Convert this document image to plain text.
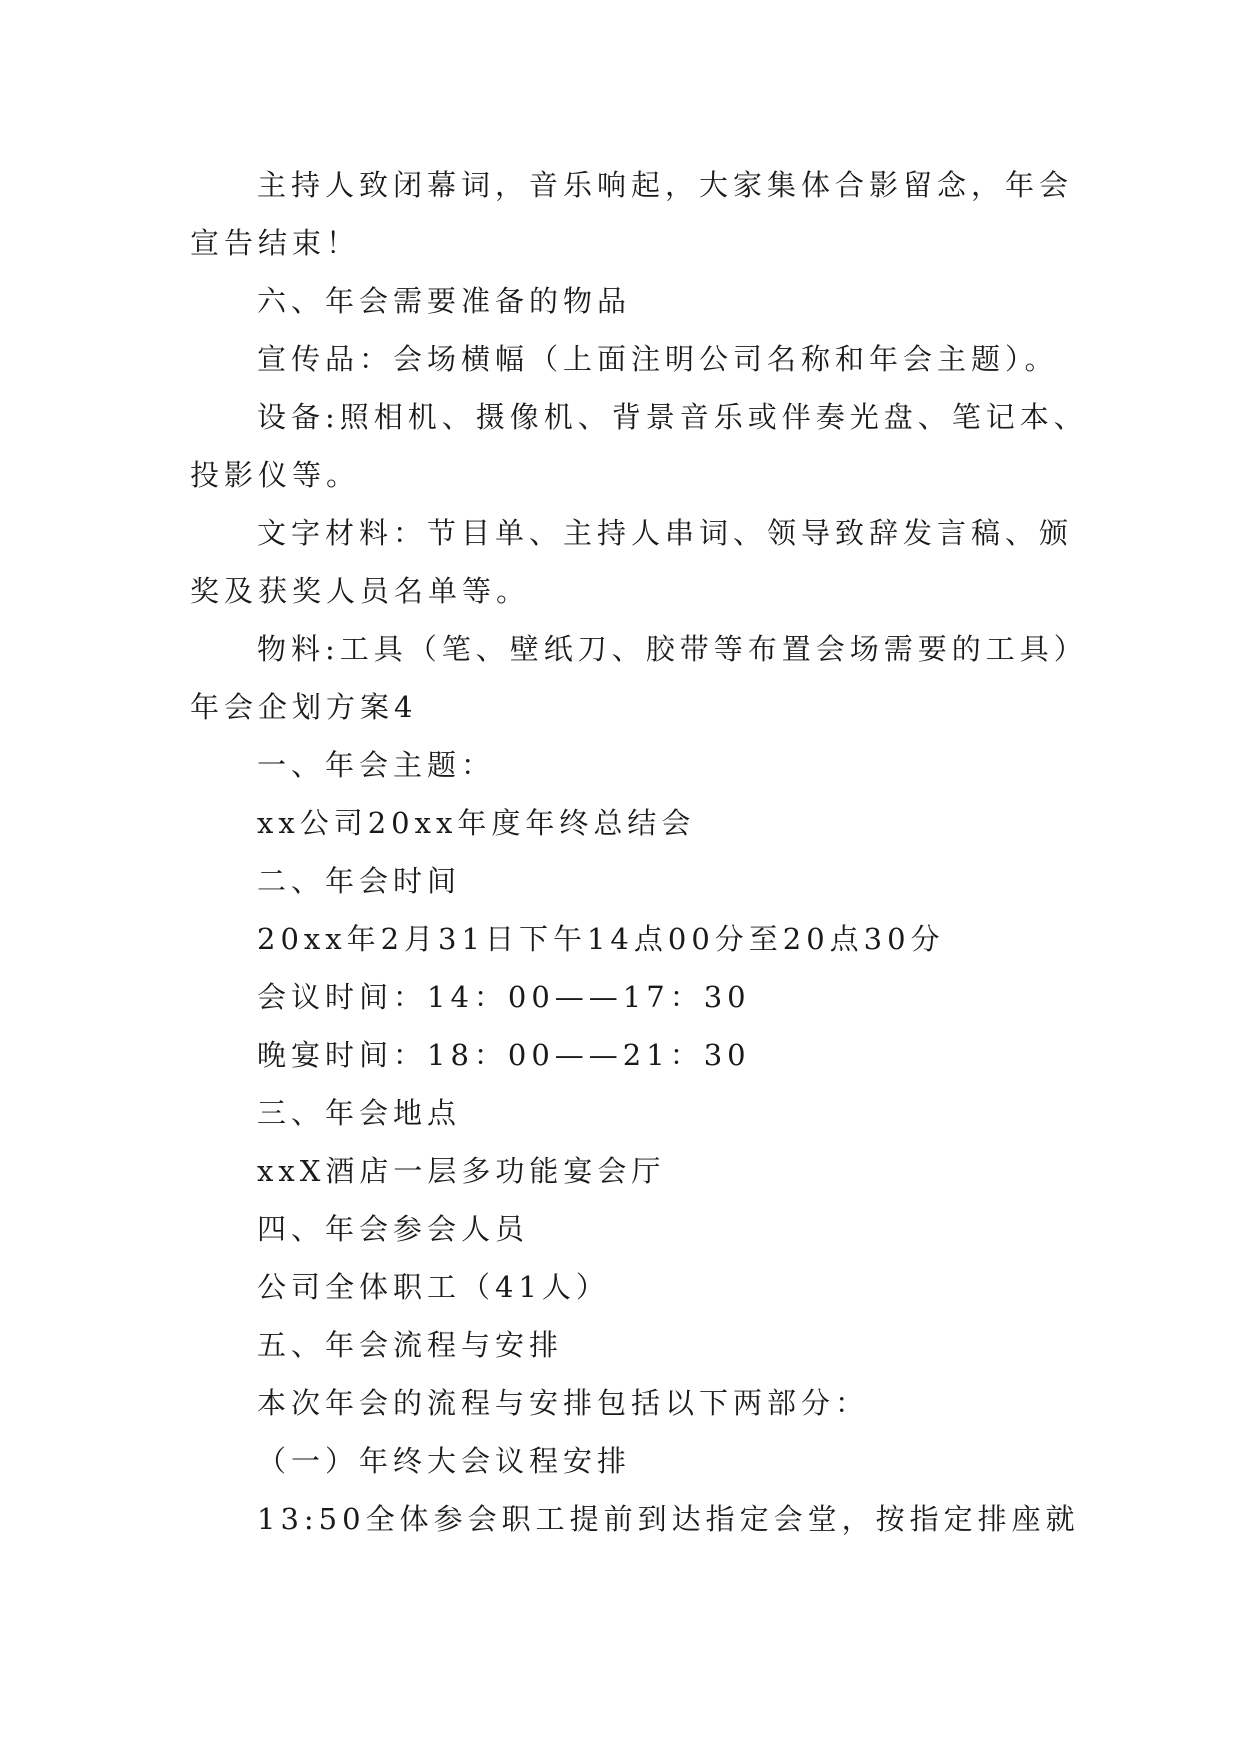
主持人致闭幕词，音乐响起，大家集体合影留念，年会

宣告结束！

六、年会需要准备的物品

宣传品：会场横幅（上面注明公司名称和年会主题）。

设备:照相机、摄像机、背景音乐或伴奏光盘、笔记本、

投影仪等。

文字材料：节目单、主持人串词、领导致辞发言稿、颁

奖及获奖人员名单等。

物料:工具（笔、壁纸刀、胶带等布置会场需要的工具）

年会企划方案4

一、年会主题：

xx公司20xx年度年终总结会

二、年会时间

20xx年2月31日下午14点00分至20点30分

会议时间：14：00——17：30

晚宴时间：18：00——21：30

三、年会地点

xxX酒店一层多功能宴会厅

四、年会参会人员

公司全体职工（41人）

五、年会流程与安排

本次年会的流程与安排包括以下两部分：

（一）年终大会议程安排

13:50全体参会职工提前到达指定会堂，按指定排座就
